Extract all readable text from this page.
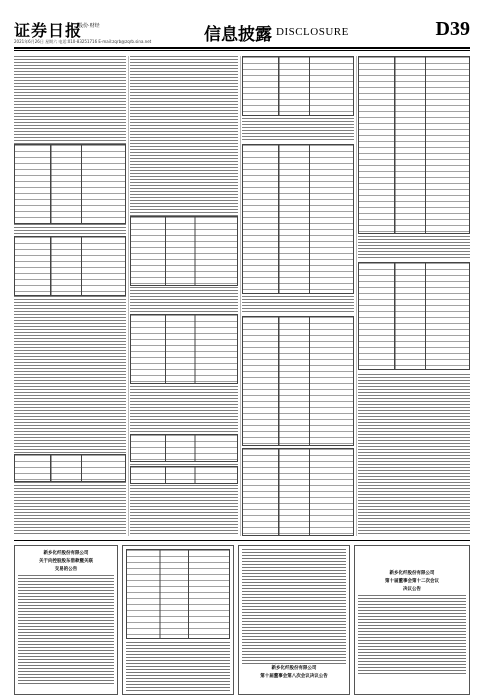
证券日报
股份·财经
2021年6月26日 星期六 电话:010-83251716 E-mail:zqrb@zqrb.sina.net	信息披露 DISCLOSURE	D39
新乡化纤股份有限公司
关于向控股股东借款暨关联
交易的公告
新乡化纤股份有限公司
第十届董事会第八次会议决议公告
新乡化纤股份有限公司
第十届董事会第十二次会议
决议公告
